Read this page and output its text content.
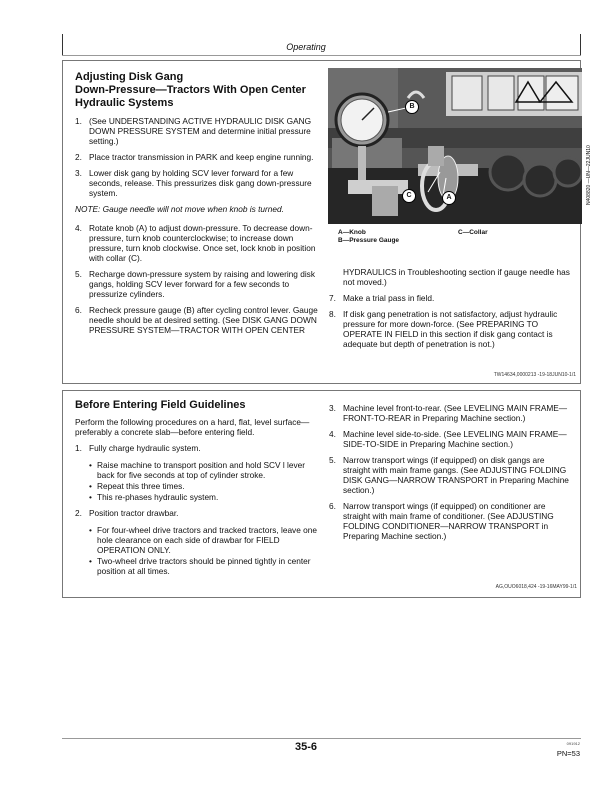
Operating
Adjusting Disk Gang
Down-Pressure—Tractors With Open Center
Hydraulic Systems
1. (See UNDERSTANDING ACTIVE HYDRAULIC DISK GANG DOWN PRESSURE SYSTEM and determine initial pressure setting.)
2. Place tractor transmission in PARK and keep engine running.
3. Lower disk gang by holding SCV lever forward for a few seconds, release. This pressurizes disk gang down-pressure system.
NOTE: Gauge needle will not move when knob is turned.
4. Rotate knob (A) to adjust down-pressure. To decrease down-pressure, turn knob counterclockwise; to increase down pressure, turn knob clockwise. Once set, lock knob in position with collar (C).
5. Recharge down-pressure system by raising and lowering disk gangs, holding SCV lever forward for a few seconds to pressurize cylinders.
6. Recheck pressure gauge (B) after cycling control lever. Gauge needle should be at desired setting. (See DISK GANG DOWN PRESSURE SYSTEM—TRACTOR WITH OPEN CENTER
B
C	A	N408820 —UN—22JUN10
A—Knob
B—Pressure Gauge
C—Collar
HYDRAULICS in Troubleshooting section if gauge needle has not moved.)
7. Make a trial pass in field.
8. If disk gang penetration is not satisfactory, adjust hydraulic pressure for more down-force. (See PREPARING TO OPERATE IN FIELD in this section if disk gang contact is adequate but depth of penetration is not.)
TW14634,0000213 -19-18JUN10-1/1
Before Entering Field Guidelines
Perform the following procedures on a hard, flat, level surface—preferably a concrete slab—before entering field.
1. Fully charge hydraulic system.
• Raise machine to transport position and hold SCV l lever back for five seconds at top of cylinder stroke.
• Repeat this three times.
• This re-phases hydraulic system.
2. Position tractor drawbar.
• For four-wheel drive tractors and tracked tractors, leave one hole clearance on each side of drawbar for FIELD OPERATION ONLY.
• Two-wheel drive tractors should be pinned tightly in center position at all times.
3. Machine level front-to-rear. (See LEVELING MAIN FRAME—FRONT-TO-REAR in Preparing Machine section.)
4. Machine level side-to-side. (See LEVELING MAIN FRAME—SIDE-TO-SIDE in Preparing Machine section.)
5. Narrow transport wings (if equipped) on disk gangs are straight with main frame gangs. (See ADJUSTING FOLDING DISK GANG—NARROW TRANSPORT in Preparing Machine section.)
6. Narrow transport wings (if equipped) on conditioner are straight with main frame of conditioner. (See ADJUSTING FOLDING CONDITIONER—NARROW TRANSPORT in Preparing Machine section.)
AG,OUO6018,424 -19-16MAY99-1/1
35-6	091912
PN=53
